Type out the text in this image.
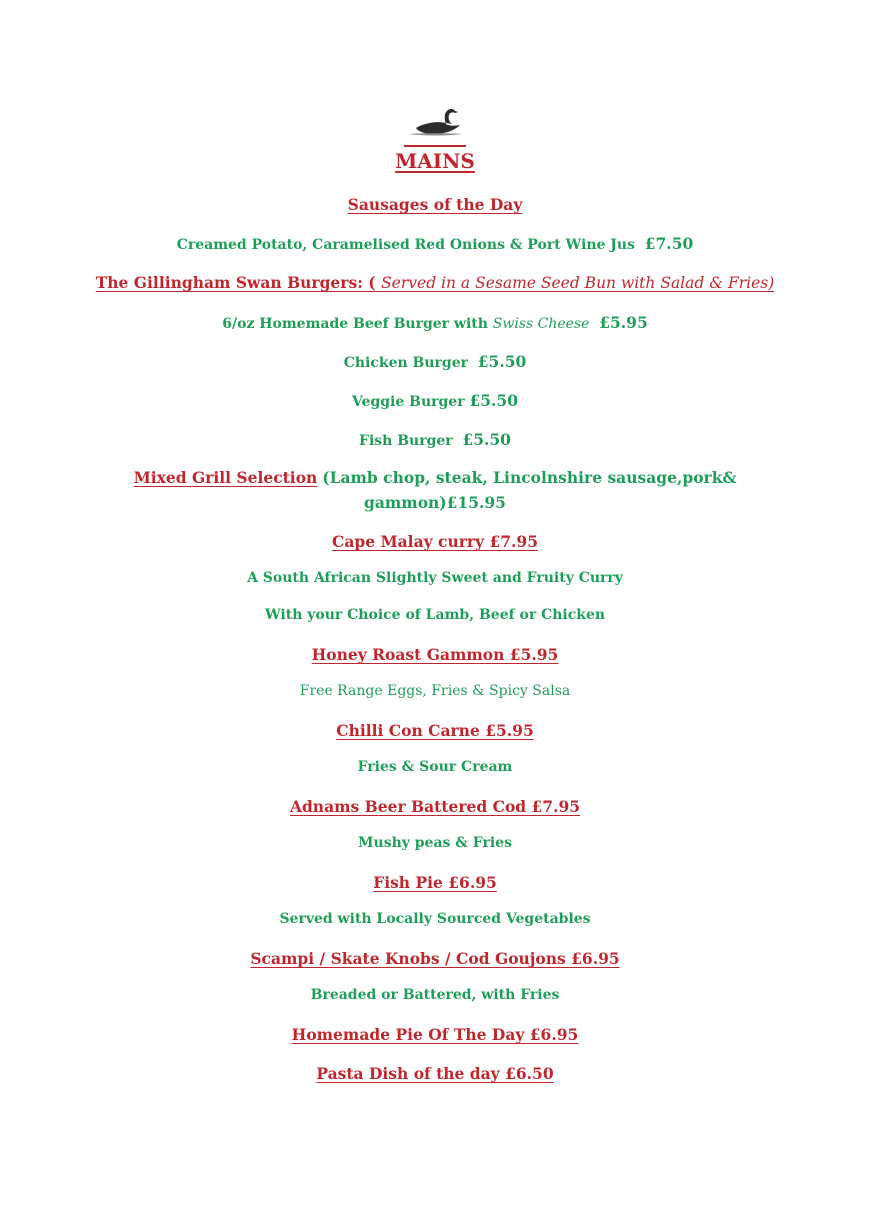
MAINS
Sausages of the Day
Creamed Potato, Caramelised Red Onions & Port Wine Jus £7.50
The Gillingham Swan Burgers: ( Served in a Sesame Seed Bun with Salad & Fries)
6/oz Homemade Beef Burger with Swiss Cheese £5.95
Chicken Burger £5.50
Veggie Burger £5.50
Fish Burger £5.50
Mixed Grill Selection (Lamb chop, steak, Lincolnshire sausage,pork&
gammon)£15.95
Cape Malay curry £7.95
A South African Slightly Sweet and Fruity Curry
With your Choice of Lamb, Beef or Chicken
Honey Roast Gammon £5.95
Free Range Eggs, Fries & Spicy Salsa
Chilli Con Carne £5.95
Fries & Sour Cream
Adnams Beer Battered Cod £7.95
Mushy peas & Fries
Fish Pie £6.95
Served with Locally Sourced Vegetables
Scampi / Skate Knobs / Cod Goujons £6.95
Breaded or Battered, with Fries
Homemade Pie Of The Day £6.95
Pasta Dish of the day £6.50
